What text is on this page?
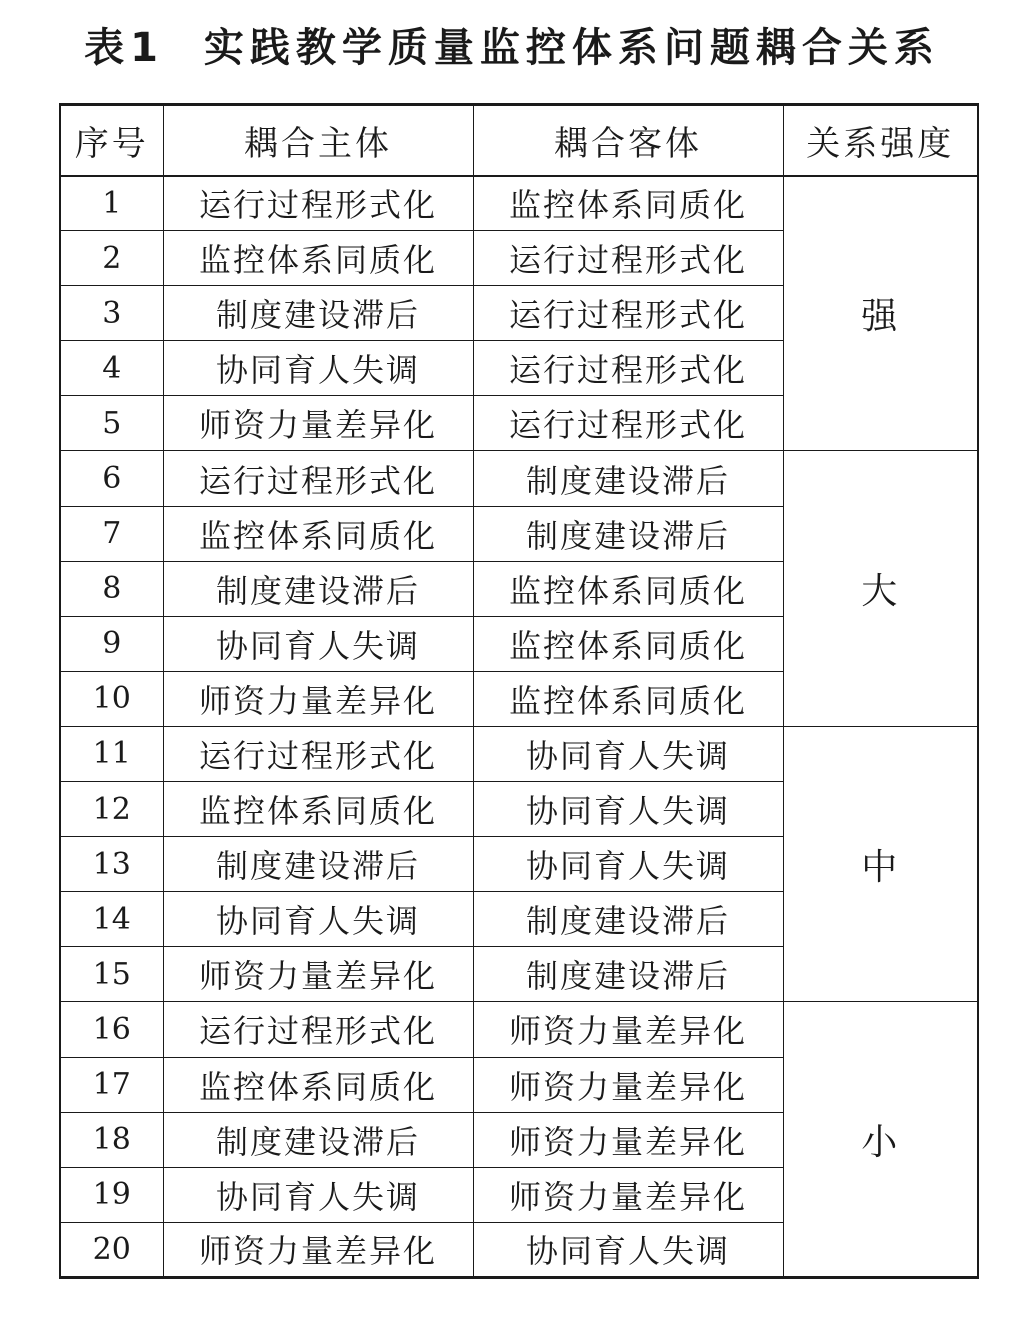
表1 实践教学质量监控体系问题耦合关系
序号	耦合主体	耦合客体	关系强度
1	运行过程形式化	监控体系同质化	强
2	监控体系同质化	运行过程形式化	
3	制度建设滞后	运行过程形式化	
4	协同育人失调	运行过程形式化	
5	师资力量差异化	运行过程形式化	
6	运行过程形式化	制度建设滞后	大
7	监控体系同质化	制度建设滞后	
8	制度建设滞后	监控体系同质化	
9	协同育人失调	监控体系同质化	
10	师资力量差异化	监控体系同质化	
11	运行过程形式化	协同育人失调	中
12	监控体系同质化	协同育人失调	
13	制度建设滞后	协同育人失调	
14	协同育人失调	制度建设滞后	
15	师资力量差异化	制度建设滞后	
16	运行过程形式化	师资力量差异化	小
17	监控体系同质化	师资力量差异化	
18	制度建设滞后	师资力量差异化	
19	协同育人失调	师资力量差异化	
20	师资力量差异化	协同育人失调	
